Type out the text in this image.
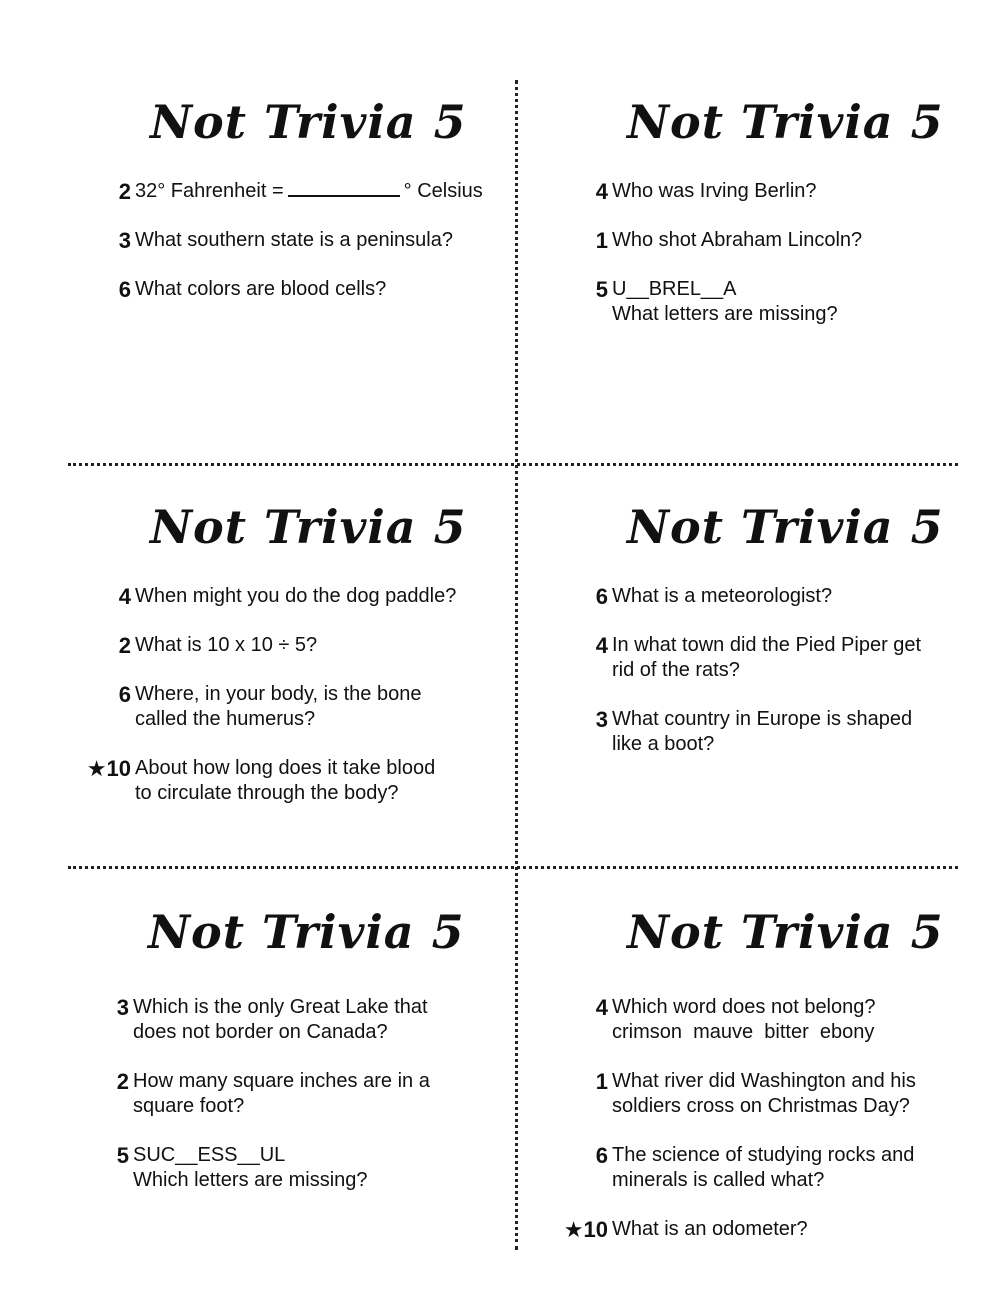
Not Trivia 5
2 32° Fahrenheit =	° Celsius
3 What southern state is a peninsula?
6 What colors are blood cells?
Not Trivia 5
4 Who was Irving Berlin?
1 Who shot Abraham Lincoln?
5 U__BREL__A
What letters are missing?
Not Trivia 5
4 When might you do the dog paddle?
2 What is 10 x 10 ÷ 5?
6 Where, in your body, is the bone
called the humerus?
★10 About how long does it take blood
to circulate through the body?
Not Trivia 5
6 What is a meteorologist?
4 In what town did the Pied Piper get
rid of the rats?
3 What country in Europe is shaped
like a boot?
Not Trivia 5
3 Which is the only Great Lake that
does not border on Canada?
2 How many square inches are in a
square foot?
5 SUC__ESS__UL
Which letters are missing?
Not Trivia 5
4 Which word does not belong?
crimson  mauve  bitter  ebony
1 What river did Washington and his
soldiers cross on Christmas Day?
6 The science of studying rocks and
minerals is called what?
★10 What is an odometer?
